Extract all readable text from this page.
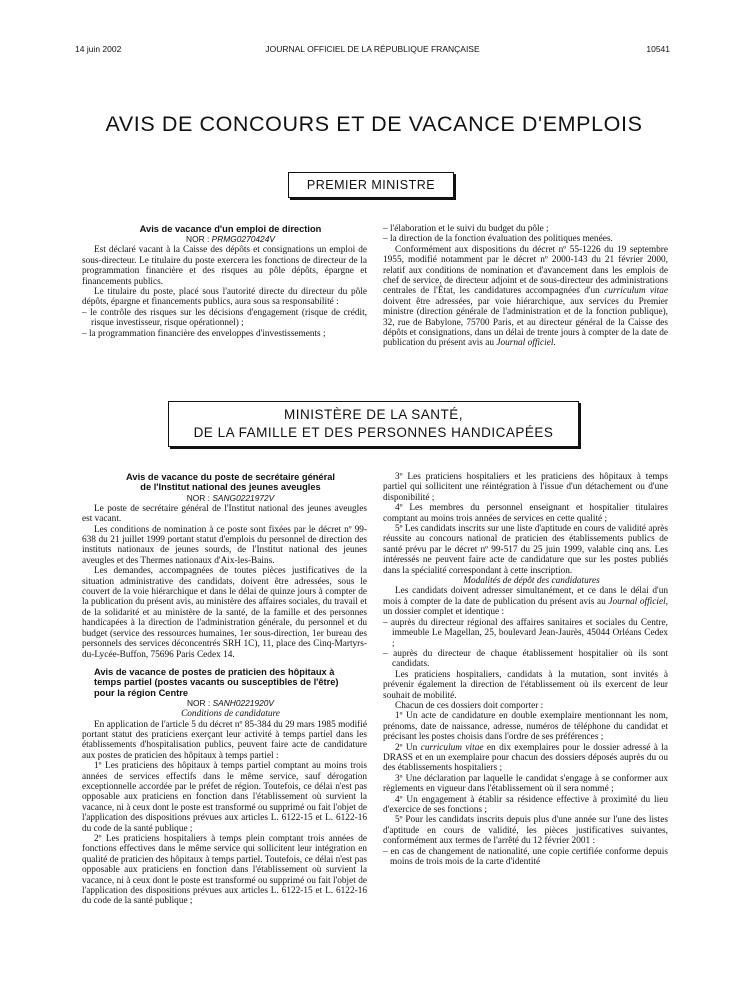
14 juin 2002	JOURNAL OFFICIEL DE LA RÉPUBLIQUE FRANÇAISE	10541
AVIS DE CONCOURS ET DE VACANCE D'EMPLOIS
PREMIER MINISTRE

Avis de vacance d'un emploi de direction

NOR : PRMG0270424V

Est déclaré vacant à la Caisse des dépôts et consignations un emploi de sous-directeur. Le titulaire du poste exercera les fonctions de directeur de la programmation financière et des risques au pôle dépôts, épargne et financements publics.

Le titulaire du poste, placé sous l'autorité directe du directeur du pôle dépôts, épargne et financements publics, aura sous sa responsabilité :

– le contrôle des risques sur les décisions d'engagement (risque de crédit, risque investisseur, risque opérationnel) ;

– la programmation financière des enveloppes d'investissements ;

– l'élaboration et le suivi du budget du pôle ;

– la direction de la fonction évaluation des politiques menées.

Conformément aux dispositions du décret nº 55-1226 du 19 septembre 1955, modifié notamment par le décret nº 2000-143 du 21 février 2000, relatif aux conditions de nomination et d'avancement dans les emplois de chef de service, de directeur adjoint et de sous-directeur des administrations centrales de l'État, les candidatures accompagnées d'un curriculum vitae doivent être adressées, par voie hiérarchique, aux services du Premier ministre (direction générale de l'administration et de la fonction publique), 32, rue de Babylone, 75700 Paris, et au directeur général de la Caisse des dépôts et consignations, dans un délai de trente jours à compter de la date de publication du présent avis au Journal officiel.

MINISTÈRE DE LA SANTÉ,
DE LA FAMILLE ET DES PERSONNES HANDICAPÉES

Avis de vacance du poste de secrétaire général

de l'Institut national des jeunes aveugles

NOR : SANG0221972V

Le poste de secrétaire général de l'Institut national des jeunes aveugles est vacant.

Les conditions de nomination à ce poste sont fixées par le décret nº 99-638 du 21 juillet 1999 portant statut d'emplois du personnel de direction des instituts nationaux de jeunes sourds, de l'Institut national des jeunes aveugles et des Thermes nationaux d'Aix-les-Bains.

Les demandes, accompagnées de toutes pièces justificatives de la situation administrative des candidats, doivent être adressées, sous le couvert de la voie hiérarchique et dans le délai de quinze jours à compter de la publication du présent avis, au ministère des affaires sociales, du travail et de la solidarité et au ministère de la santé, de la famille et des personnes handicapées à la direction de l'administration générale, du personnel et du budget (service des ressources humaines, 1er sous-direction, 1er bureau des personnels des services déconcentrés SRH 1C), 11, place des Cinq-Martyrs-du-Lycée-Buffon, 75696 Paris Cedex 14.

Avis de vacance de postes de praticien des hôpitaux à

temps partiel (postes vacants ou susceptibles de l'être)

pour la région Centre

NOR : SANH0221920V

Conditions de candidature

En application de l'article 5 du décret nº 85-384 du 29 mars 1985 modifié portant statut des praticiens exerçant leur activité à temps partiel dans les établissements d'hospitalisation publics, peuvent faire acte de candidature aux postes de praticien des hôpitaux à temps partiel :

1º Les praticiens des hôpitaux à temps partiel comptant au moins trois années de services effectifs dans le même service, sauf dérogation exceptionnelle accordée par le préfet de région. Toutefois, ce délai n'est pas opposable aux praticiens en fonction dans l'établissement où survient la vacance, ni à ceux dont le poste est transformé ou supprimé ou fait l'objet de l'application des dispositions prévues aux articles L. 6122-15 et L. 6122-16 du code de la santé publique ;

2º Les praticiens hospitaliers à temps plein comptant trois années de fonctions effectives dans le même service qui sollicitent leur intégration en qualité de praticien des hôpitaux à temps partiel. Toutefois, ce délai n'est pas opposable aux praticiens en fonction dans l'établissement où survient la vacance, ni à ceux dont le poste est transformé ou supprimé ou fait l'objet de l'application des dispositions prévues aux articles L. 6122-15 et L. 6122-16 du code de la santé publique ;

3º Les praticiens hospitaliers et les praticiens des hôpitaux à temps partiel qui sollicitent une réintégration à l'issue d'un détachement ou d'une disponibilité ;

4º Les membres du personnel enseignant et hospitalier titulaires comptant au moins trois années de services en cette qualité ;

5º Les candidats inscrits sur une liste d'aptitude en cours de validité après réussite au concours national de praticien des établissements publics de santé prévu par le décret nº 99-517 du 25 juin 1999, valable cinq ans. Les intéressés ne peuvent faire acte de candidature que sur les postes publiés dans la spécialité correspondant à cette inscription.

Modalités de dépôt des candidatures

Les candidats doivent adresser simultanément, et ce dans le délai d'un mois à compter de la date de publication du présent avis au Journal officiel, un dossier complet et identique :

– auprès du directeur régional des affaires sanitaires et sociales du Centre, immeuble Le Magellan, 25, boulevard Jean-Jaurès, 45044 Orléans Cedex ;

– auprès du directeur de chaque établissement hospitalier où ils sont candidats.

Les praticiens hospitaliers, candidats à la mutation, sont invités à prévenir également la direction de l'établissement où ils exercent de leur souhait de mobilité.

Chacun de ces dossiers doit comporter :

1º Un acte de candidature en double exemplaire mentionnant les nom, prénoms, date de naissance, adresse, numéros de téléphone du candidat et précisant les postes choisis dans l'ordre de ses préférences ;

2º Un curriculum vitae en dix exemplaires pour le dossier adressé à la DRASS et en un exemplaire pour chacun des dossiers déposés auprès du ou des établissements hospitaliers ;

3º Une déclaration par laquelle le candidat s'engage à se conformer aux règlements en vigueur dans l'établissement où il sera nommé ;

4º Un engagement à établir sa résidence effective à proximité du lieu d'exercice de ses fonctions ;

5º Pour les candidats inscrits depuis plus d'une année sur l'une des listes d'aptitude en cours de validité, les pièces justificatives suivantes, conformément aux termes de l'arrêté du 12 février 2001 :

– en cas de changement de nationalité, une copie certifiée conforme depuis moins de trois mois de la carte d'identité
